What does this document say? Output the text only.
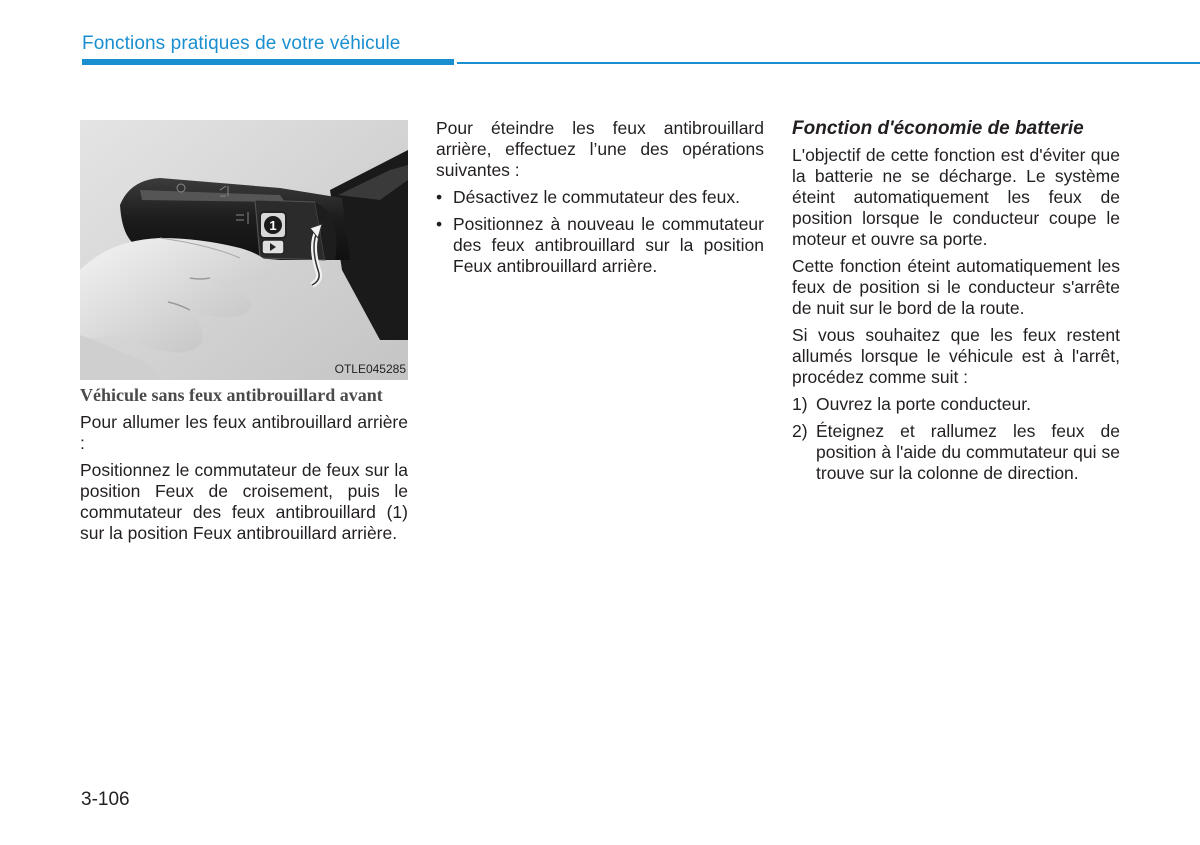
Fonctions pratiques de votre véhicule
1
OTLE045285
Véhicule sans feux antibrouillard avant

Pour allumer les feux antibrouillard arrière :

Positionnez le commutateur de feux sur la position Feux de croisement, puis le commutateur des feux antibrouillard (1) sur la position Feux antibrouillard arrière.

Pour éteindre les feux antibrouillard arrière, effectuez l’une des opérations suivantes :

• Désactivez le commutateur des feux.
• Positionnez à nouveau le commutateur des feux antibrouillard sur la position Feux antibrouillard arrière.
Fonction d'économie de batterie

L'objectif de cette fonction est d'éviter que la batterie ne se décharge. Le système éteint automatiquement les feux de position lorsque le conducteur coupe le moteur et ouvre sa porte.

Cette fonction éteint automatiquement les feux de position si le conducteur s'arrête de nuit sur le bord de la route.

Si vous souhaitez que les feux restent allumés lorsque le véhicule est à l'arrêt, procédez comme suit :

1) Ouvrez la porte conducteur.
2) Éteignez et rallumez les feux de position à l'aide du commutateur qui se trouve sur la colonne de direction.
3-106
